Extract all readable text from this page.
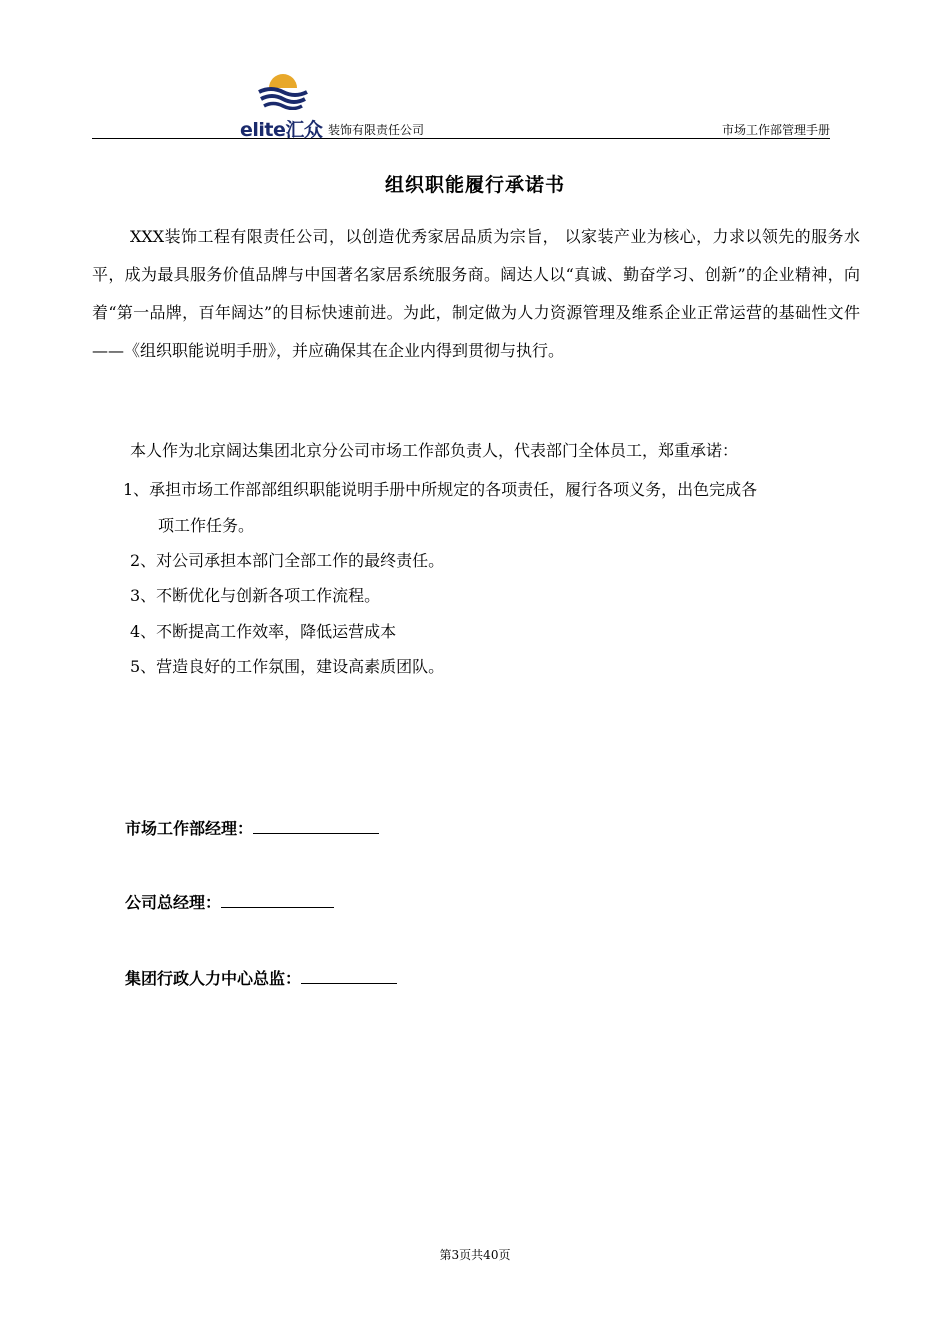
elite汇众 装饰有限责任公司	市场工作部管理手册
组织职能履行承诺书

XXX装饰工程有限责任公司，以创造优秀家居品质为宗旨， 以家装产业为核心，力求以领先的服务水平，成为最具服务价值品牌与中国著名家居系统服务商。阔达人以“真诚、勤奋学习、创新”的企业精神，向着“第一品牌，百年阔达”的目标快速前进。为此，制定做为人力资源管理及维系企业正常运营的基础性文件——《组织职能说明手册》，并应确保其在企业内得到贯彻与执行。

本人作为北京阔达集团北京分公司市场工作部负责人，代表部门全体员工，郑重承诺：

1、承担市场工作部部组织职能说明手册中所规定的各项责任，履行各项义务，出色完成各

项工作任务。

2、对公司承担本部门全部工作的最终责任。

3、不断优化与创新各项工作流程。

4、不断提高工作效率，降低运营成本

5、营造良好的工作氛围，建设高素质团队。

市场工作部经理：
公司总经理：
集团行政人力中心总监：
第3页共40页
